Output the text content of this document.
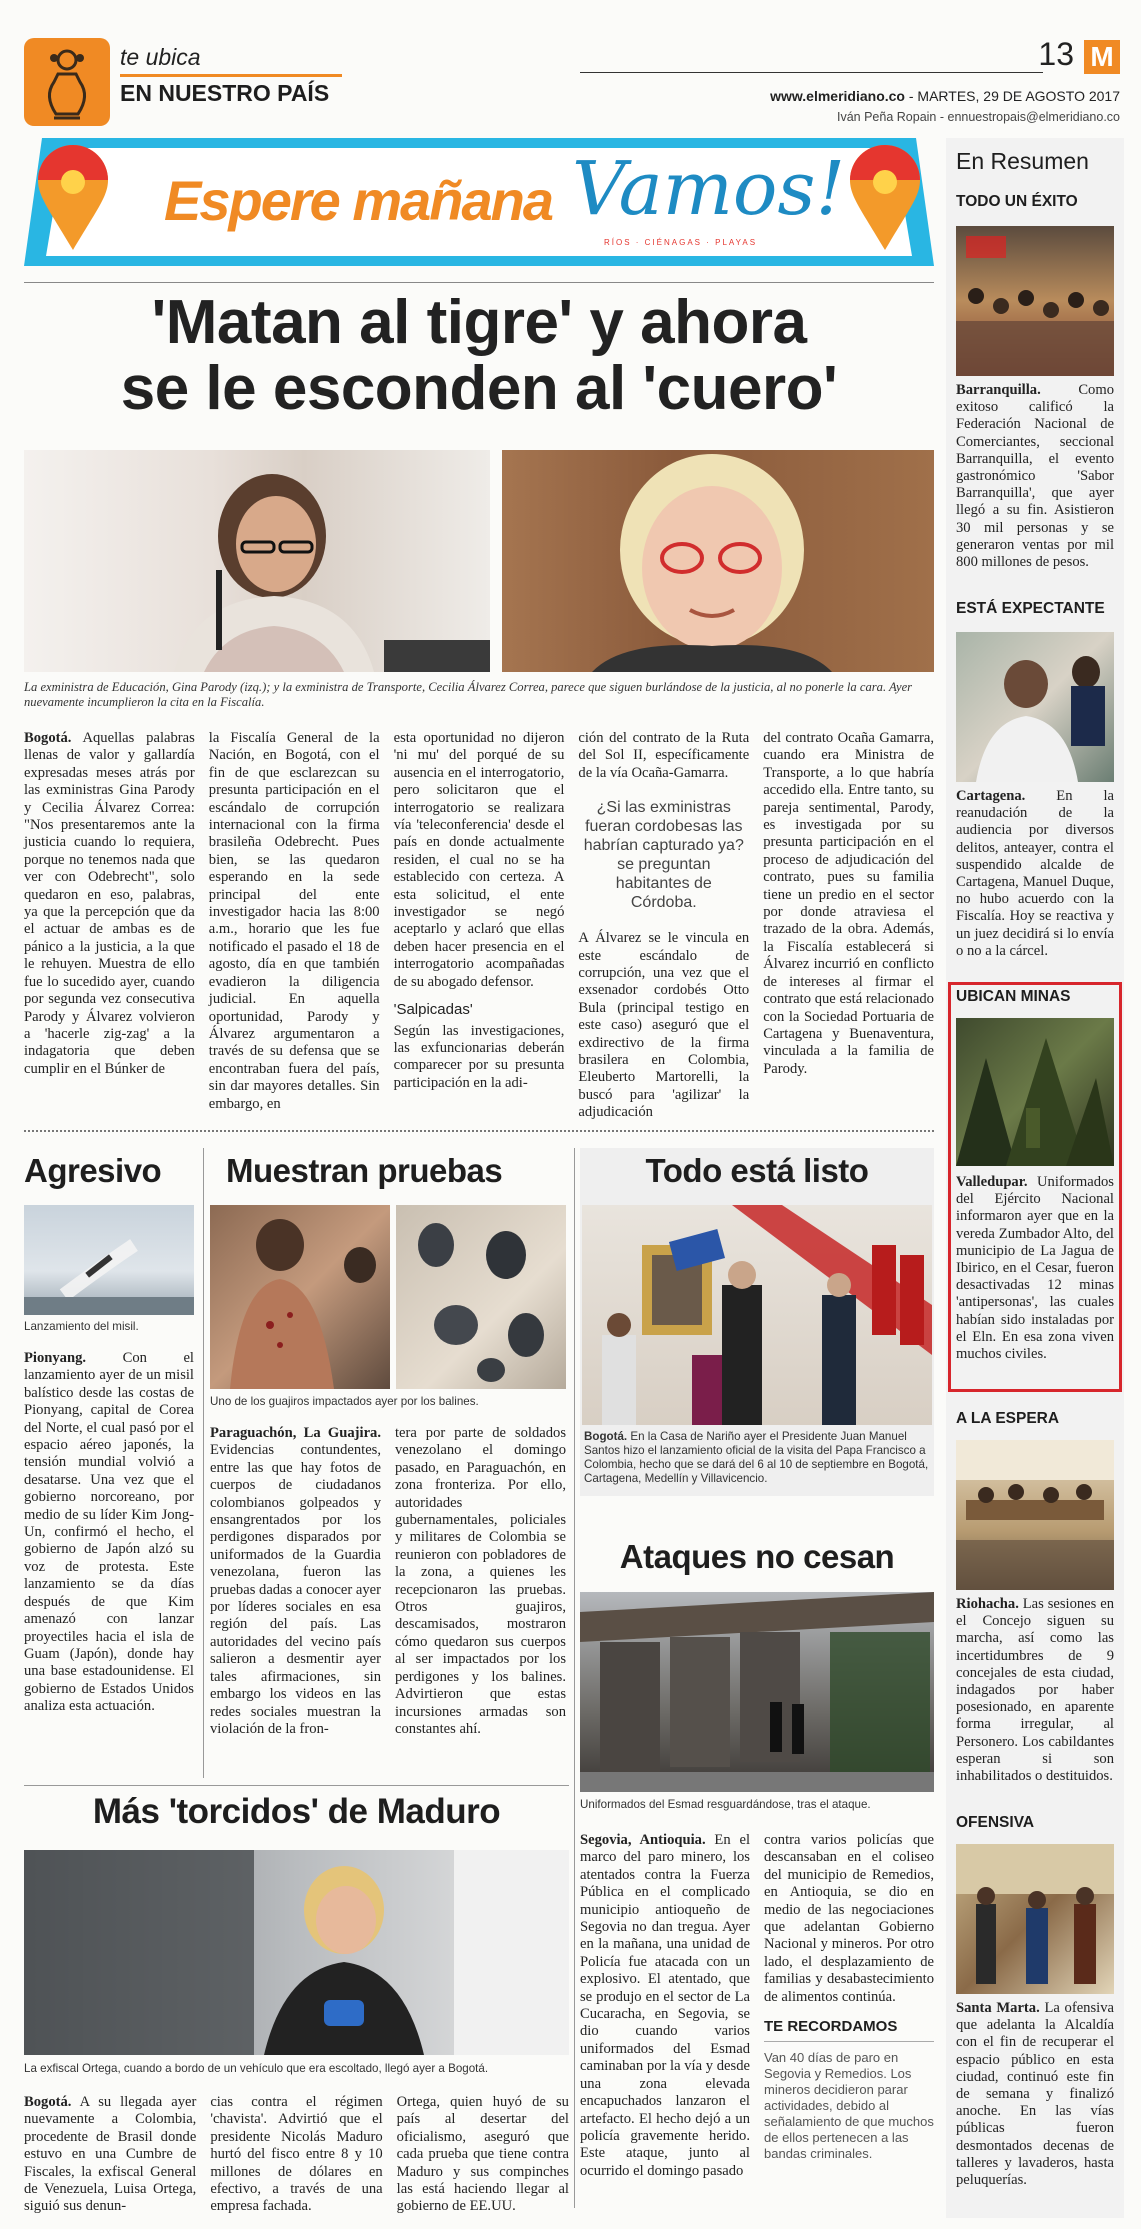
te ubica
EN NUESTRO PAÍS
13 M
www.elmeridiano.co - MARTES, 29 DE AGOSTO 2017
Iván Peña Ropain - ennuestropais@elmeridiano.co
Espere mañana Vamos!
RÍOS · CIÉNAGAS · PLAYAS
'Matan al tigre' y ahora
se le esconden al 'cuero'
La exministra de Educación, Gina Parody (izq.); y la exministra de Transporte, Cecilia Álvarez Correa, parece que siguen burlándose de la justicia, al no ponerle la cara. Ayer nuevamente incumplieron la cita en la Fiscalía.
Bogotá. Aquellas palabras llenas de valor y gallardía expresadas meses atrás por las exministras Gina Parody y Cecilia Álvarez Correa: "Nos presentaremos ante la justicia cuando lo requiera, porque no tenemos nada que ver con Odebrecht", solo quedaron en eso, palabras, ya que la percepción que da el actuar de ambas es de pánico a la justicia, a la que le rehuyen. Muestra de ello fue lo sucedido ayer, cuando por segunda vez consecutiva Parody y Álvarez volvieron a 'hacerle zig-zag' a la indagatoria que deben cumplir en el Búnker de
la Fiscalía General de la Nación, en Bogotá, con el fin de que esclarezcan su presunta participación en el escándalo de corrupción internacional con la firma brasileña Odebrecht. Pues bien, se las quedaron esperando en la sede principal del ente investigador hacia las 8:00 a.m., horario que les fue notificado el pasado el 18 de agosto, día en que también evadieron la diligencia judicial. En aquella oportunidad, Parody y Álvarez argumentaron a través de su defensa que se encontraban fuera del país, sin dar mayores detalles. Sin embargo, en
esta oportunidad no dijeron 'ni mu' del porqué de su ausencia en el interrogatorio, pero solicitaron que el interrogatorio se realizara vía 'teleconferencia' desde el país en donde actualmente residen, el cual no se ha establecido con certeza. A esta solicitud, el ente investigador se negó aceptarlo y aclaró que ellas deben hacer presencia en el interrogatorio acompañadas de su abogado defensor.
'Salpicadas'
Según las investigaciones, las exfuncionarias deberán comparecer por su presunta participación en la adi-
ción del contrato de la Ruta del Sol II, específicamente de la vía Ocaña-Gamarra.
¿Si las exministras fueran cordobesas las habrían capturado ya? se preguntan habitantes de Córdoba.
A Álvarez se le vincula en este escándalo de corrupción, una vez que el exsenador cordobés Otto Bula (principal testigo en este caso) aseguró que el exdirectivo de la firma brasilera en Colombia, Eleuberto Martorelli, la buscó para 'agilizar' la adjudicación
del contrato Ocaña Gamarra, cuando era Ministra de Transporte, a lo que habría accedido ella. Entre tanto, su pareja sentimental, Parody, es investigada por su presunta participación en el proceso de adjudicación del contrato, pues su familia tiene un predio en el sector por donde atraviesa el trazado de la obra. Además, la Fiscalía establecerá si Álvarez incurrió en conflicto de intereses al firmar el contrato que está relacionado con la Sociedad Portuaria de Cartagena y Buenaventura, vinculada a la familia de Parody.
Agresivo
Lanzamiento del misil.
Pionyang. Con el lanzamiento ayer de un misil balístico desde las costas de Pionyang, capital de Corea del Norte, el cual pasó por el espacio aéreo japonés, la tensión mundial volvió a desatarse. Una vez que el gobierno norcoreano, por medio de su líder Kim Jong-Un, confirmó el hecho, el gobierno de Japón alzó su voz de protesta. Este lanzamiento se da días después de que Kim amenazó con lanzar proyectiles hacia el isla de Guam (Japón), donde hay una base estadounidense. El gobierno de Estados Unidos analiza esta actuación.
Muestran pruebas
Uno de los guajiros impactados ayer por los balines.
Paraguachón, La Guajira. Evidencias contundentes, entre las que hay fotos de cuerpos de ciudadanos colombianos golpeados y ensangrentados por los perdigones disparados por uniformados de la Guardia venezolana, fueron las pruebas dadas a conocer ayer por líderes sociales en esa región del país. Las autoridades del vecino país salieron a desmentir ayer tales afirmaciones, sin embargo los videos en las redes sociales muestran la violación de la fron-
tera por parte de soldados venezolano el domingo pasado, en Paraguachón, en zona fronteriza. Por ello, autoridades gubernamentales, policiales y militares de Colombia se reunieron con pobladores de la zona, a quienes les recepcionaron las pruebas. Otros guajiros, descamisados, mostraron cómo quedaron sus cuerpos al ser impactados por los perdigones y los balines. Advirtieron que estas incursiones armadas son constantes ahí.
Todo está listo
Bogotá. En la Casa de Nariño ayer el Presidente Juan Manuel Santos hizo el lanzamiento oficial de la visita del Papa Francisco a Colombia, hecho que se dará del 6 al 10 de septiembre en Bogotá, Cartagena, Medellín y Villavicencio.
Ataques no cesan
Uniformados del Esmad resguardándose, tras el ataque.
Segovia, Antioquia. En el marco del paro minero, los atentados contra la Fuerza Pública en el complicado municipio antioqueño de Segovia no dan tregua. Ayer en la mañana, una unidad de Policía fue atacada con un explosivo. El atentado, que se produjo en el sector de La Cucaracha, en Segovia, se dio cuando varios uniformados del Esmad caminaban por la vía y desde una zona elevada encapuchados lanzaron el artefacto. El hecho dejó a un policía gravemente herido. Este ataque, junto al ocurrido el domingo pasado
contra varios policías que descansaban en el coliseo del municipio de Remedios, en Antioquia, se dio en medio de las negociaciones que adelantan Gobierno Nacional y mineros. Por otro lado, el desplazamiento de familias y desabastecimiento de alimentos continúa.
TE RECORDAMOS
Van 40 días de paro en Segovia y Remedios. Los mineros decidieron parar actividades, debido al señalamiento de que muchos de ellos pertenecen a las bandas criminales.
Más 'torcidos' de Maduro
La exfiscal Ortega, cuando a bordo de un vehículo que era escoltado, llegó ayer a Bogotá.
Bogotá. A su llegada ayer nuevamente a Colombia, procedente de Brasil donde estuvo en una Cumbre de Fiscales, la exfiscal General de Venezuela, Luisa Ortega, siguió sus denun-
cias contra el régimen 'chavista'. Advirtió que el presidente Nicolás Maduro hurtó del fisco entre 8 y 10 millones de dólares en efectivo, a través de una empresa fachada.
Ortega, quien huyó de su país al desertar del oficialismo, aseguró que cada prueba que tiene contra Maduro y sus compinches las está haciendo llegar al gobierno de EE.UU.
En Resumen
TODO UN ÉXITO
Barranquilla. Como exitoso calificó la Federación Nacional de Comerciantes, seccional Barranquilla, el evento gastronómico 'Sabor Barranquilla', que ayer llegó a su fin. Asistieron 30 mil personas y se generaron ventas por mil 800 millones de pesos.
ESTÁ EXPECTANTE
Cartagena. En la reanudación de la audiencia por diversos delitos, anteayer, contra el suspendido alcalde de Cartagena, Manuel Duque, no hubo acuerdo con la Fiscalía. Hoy se reactiva y un juez decidirá si lo envía o no a la cárcel.
UBICAN MINAS
Valledupar. Uniformados del Ejército Nacional informaron ayer que en la vereda Zumbador Alto, del municipio de La Jagua de Ibirico, en el Cesar, fueron desactivadas 12 minas 'antipersonas', las cuales habían sido instaladas por el Eln. En esa zona viven muchos civiles.
A LA ESPERA
Riohacha. Las sesiones en el Concejo siguen su marcha, así como las incertidumbres de 9 concejales de esta ciudad, indagados por haber posesionado, en aparente forma irregular, al Personero. Los cabildantes esperan si son inhabilitados o destituidos.
OFENSIVA
Santa Marta. La ofensiva que adelanta la Alcaldía con el fin de recuperar el espacio público en esta ciudad, continuó este fin de semana y finalizó anoche. En las vías públicas fueron desmontados decenas de talleres y lavaderos, hasta peluquerías.
